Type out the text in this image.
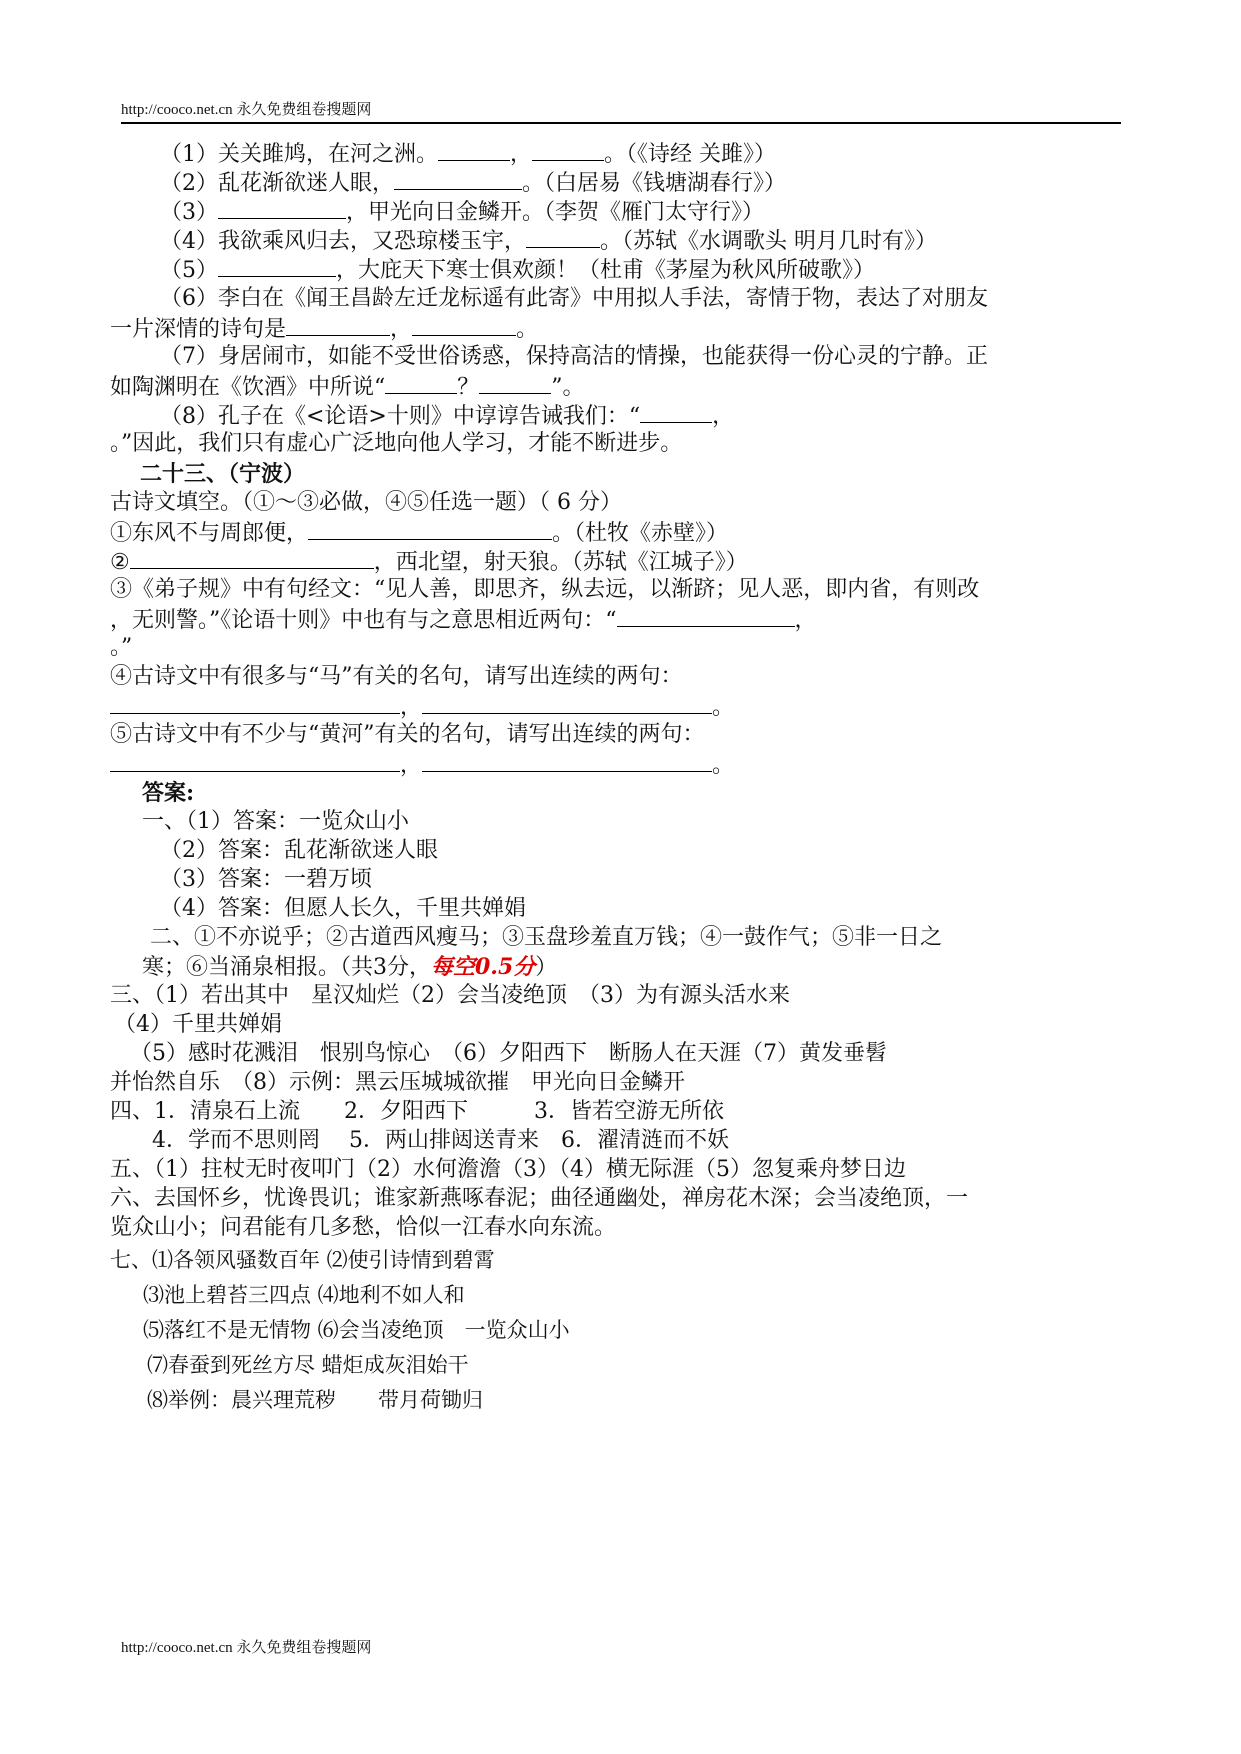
http://cooco.net.cn 永久免费组卷搜题网
（1）关关雎鸠，在河之洲。	，	。（《诗经 关雎》）
（2）乱花渐欲迷人眼，	。（白居易《钱塘湖春行》）
（3）	，甲光向日金鳞开。（李贺《雁门太守行》）
（4）我欲乘风归去，又恐琼楼玉宇，	。（苏轼《水调歌头 明月几时有》）
（5）	，大庇天下寒士俱欢颜！（杜甫《茅屋为秋风所破歌》）
（6）李白在《闻王昌龄左迁龙标遥有此寄》中用拟人手法，寄情于物，表达了对朋友
一片深情的诗句是	，	。
（7）身居闹市，如能不受世俗诱惑，保持高洁的情操，也能获得一份心灵的宁静。正
如陶渊明在《饮酒》中所说“	？	”。
（8）孔子在《<论语>十则》中谆谆告诫我们：“	，
。”因此，我们只有虚心广泛地向他人学习，才能不断进步。
二十三、（宁波）
古诗文填空。（①～③必做，④⑤任选一题）（ 6 分）
①东风不与周郎便，	。（杜牧《赤壁》）
②	，西北望，射天狼。（苏轼《江城子》）
③《弟子规》中有句经文：“见人善，即思齐，纵去远，以渐跻；见人恶，即内省，有则改
，无则警。”《论语十则》中也有与之意思相近两句：“	，
。”
④古诗文中有很多与“马”有关的名句，请写出连续的两句：
，	。
⑤古诗文中有不少与“黄河”有关的名句，请写出连续的两句：
，	。
答案:
一、（1）答案：一览众山小
（2）答案：乱花渐欲迷人眼
（3）答案：一碧万顷
（4）答案：但愿人长久，千里共婵娟
二、①不亦说乎；②古道西风瘦马；③玉盘珍羞直万钱；④一鼓作气；⑤非一日之
寒；⑥当涌泉相报。（共3分，每空0.5分）
三、（1）若出其中　星汉灿烂（2）会当凌绝顶　（3）为有源头活水来
（4）千里共婵娟
（5）感时花溅泪　恨别鸟惊心　（6）夕阳西下　断肠人在天涯（7）黄发垂髫
并怡然自乐　（8）示例：黑云压城城欲摧　甲光向日金鳞开
四、1．清泉石上流　　2．夕阳西下　　　3．皆若空游无所依
4．学而不思则罔　 5．两山排闼送青来　6．濯清涟而不妖
五、（1）拄杖无时夜叩门（2）水何澹澹（3）（4）横无际涯（5）忽复乘舟梦日边
六、去国怀乡，忧谗畏讥；谁家新燕啄春泥；曲径通幽处，禅房花木深；会当凌绝顶，一
览众山小；问君能有几多愁，恰似一江春水向东流。
七、⑴各领风骚数百年 ⑵使引诗情到碧霄
⑶池上碧苔三四点 ⑷地利不如人和
⑸落红不是无情物 ⑹会当凌绝顶　一览众山小
⑺春蚕到死丝方尽 蜡炬成灰泪始干
⑻举例：晨兴理荒秽　　带月荷锄归
http://cooco.net.cn 永久免费组卷搜题网
